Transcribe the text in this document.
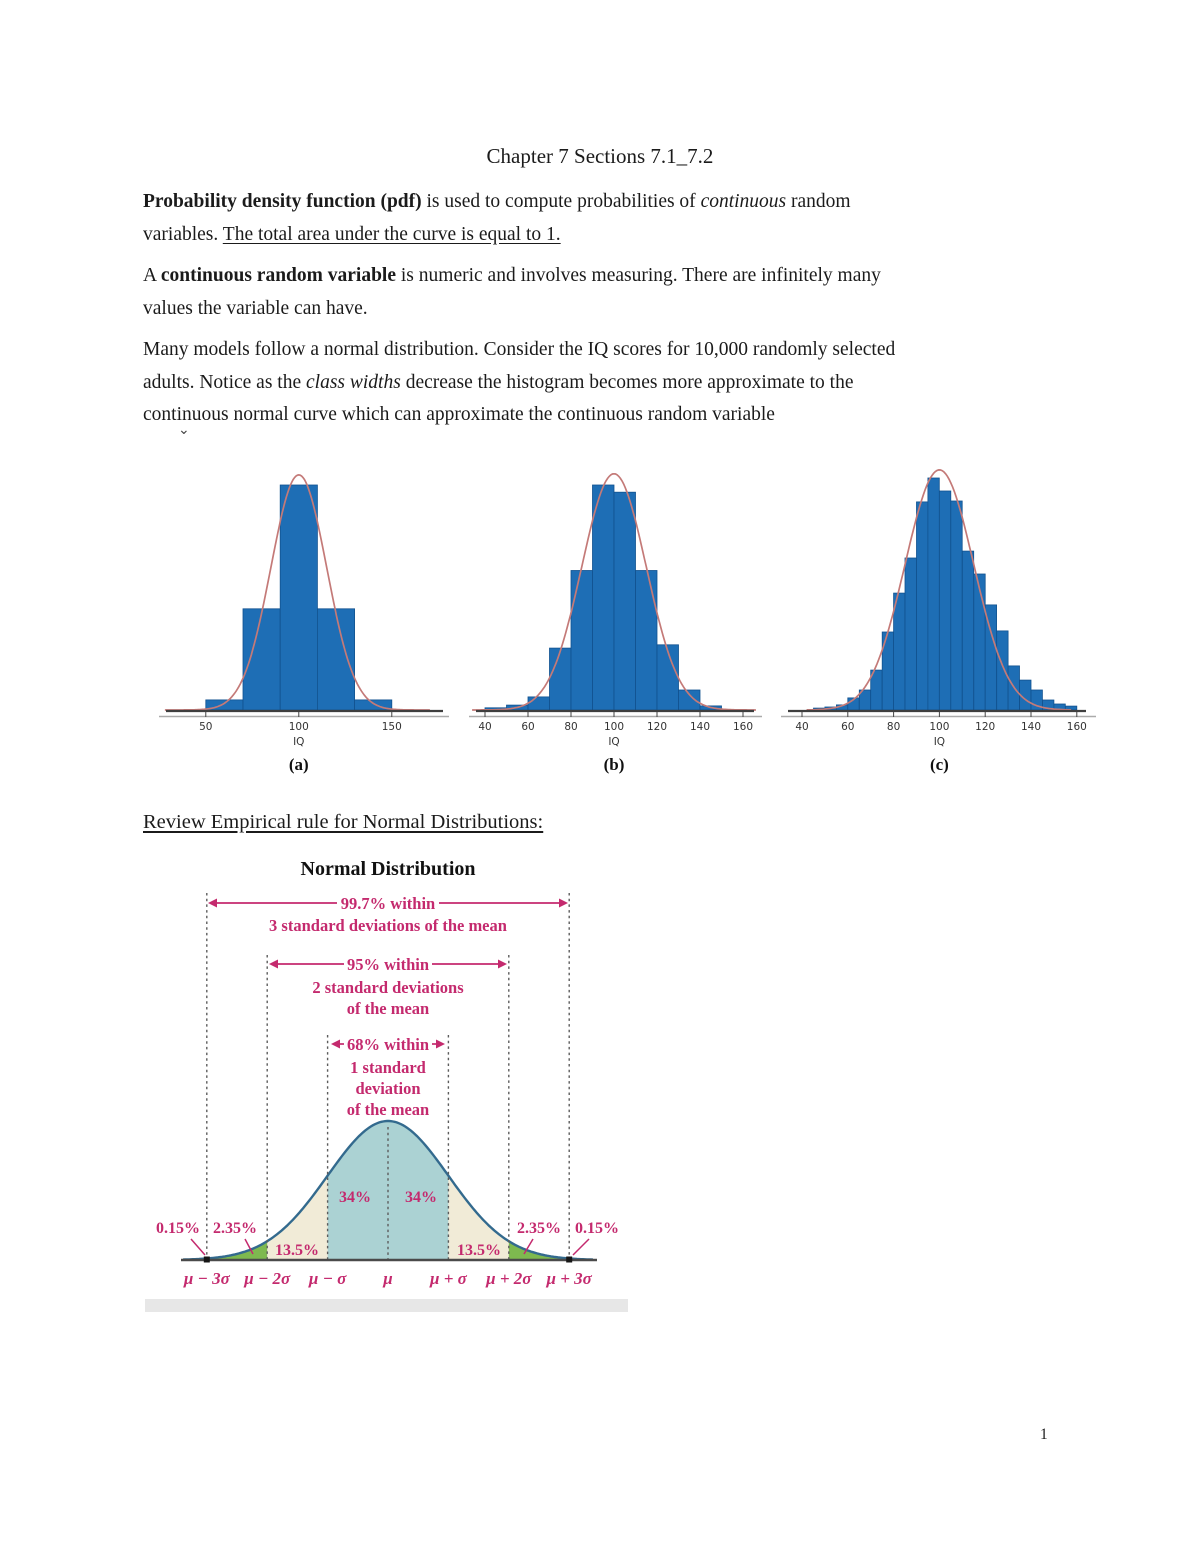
Chapter 7 Sections 7.1_7.2

Probability density function (pdf) is used to compute probabilities of continuous random
variables. The total area under the curve is equal to 1.

A continuous random variable is numeric and involves measuring. There are infinitely many
values the variable can have.

Many models follow a normal distribution. Consider the IQ scores for 10,000 randomly selected
adults. Notice as the class widths decrease the histogram becomes more approximate to the
continuous normal curve which can approximate the continuous random variable

⌄
50	100	150
IQ
(a)
40	60	80	100 120 140 160
IQ
(b)
40	60	80	100 120 140 160
IQ
(c)
Review Empirical rule for Normal Distributions:
Normal Distribution
99.7% within
3 standard deviations of the mean
95% within
2 standard deviations
of the mean
68% within
1 standard
deviation
of the mean
34% 34%
13.5%	13.5%
2.35%	2.35%
0.15%	0.15%
μ − 3σ μ − 2σ μ − σ μ μ + σ μ + 2σ μ + 3σ
1
